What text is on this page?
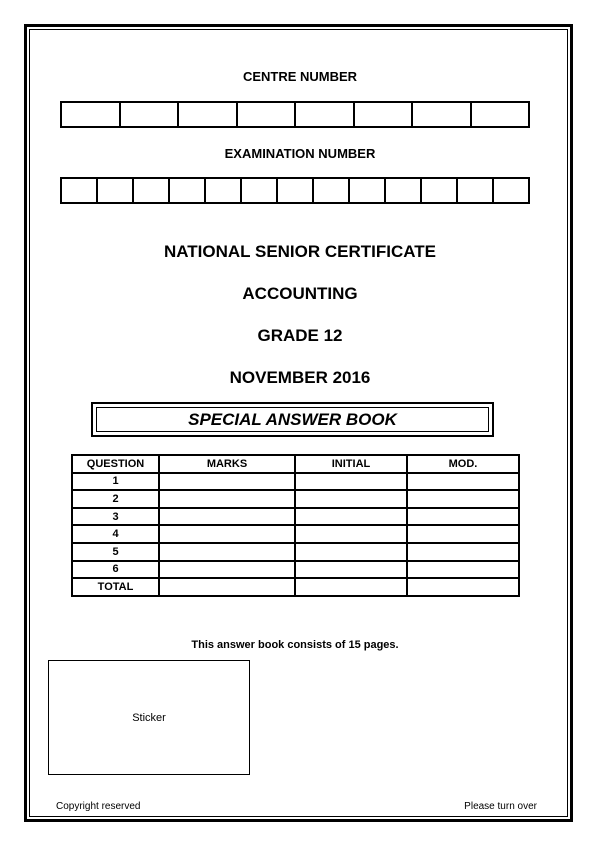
CENTRE NUMBER
EXAMINATION NUMBER
NATIONAL SENIOR CERTIFICATE
ACCOUNTING
GRADE 12
NOVEMBER 2016
SPECIAL ANSWER BOOK
QUESTION	MARKS	INITIAL	MOD.
1			
2			
3			
4			
5			
6			
TOTAL			
This answer book consists of 15 pages.
Sticker
Copyright reserved	Please turn over
